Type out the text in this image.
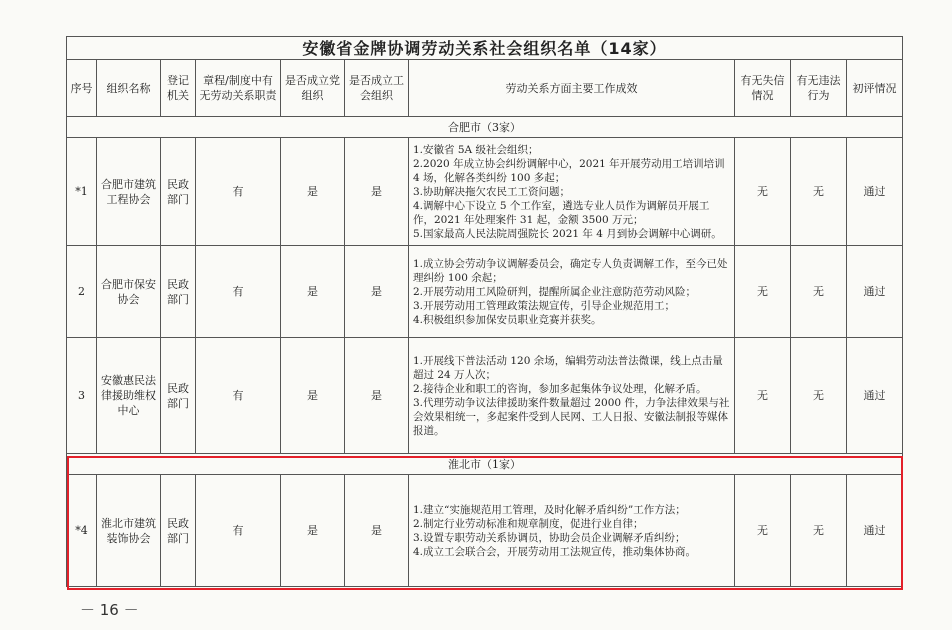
安徽省金牌协调劳动关系社会组织名单（14家）									
序号	组织名称	登记机关	章程/制度中有无劳动关系职责	是否成立党组织	是否成立工会组织	劳动关系方面主要工作成效	有无失信情况	有无违法行为	初评情况
合肥市（3家）									
*1	合肥市建筑工程协会	民政部门	有	是	是	1.安徽省 5A 级社会组织；
2.2020 年成立协会纠纷调解中心，2021 年开展劳动用工培训培训4 场，化解各类纠纷 100 多起；
3.协助解决拖欠农民工工资问题；
4.调解中心下设立 5 个工作室，遴选专业人员作为调解员开展工作，2021 年处理案件 31 起，金额 3500 万元；
5.国家最高人民法院周强院长 2021 年 4 月到协会调解中心调研。	无	无	通过
2	合肥市保安协会	民政部门	有	是	是	1.成立协会劳动争议调解委员会，确定专人负责调解工作，至今已处理纠纷 100 余起；
2.开展劳动用工风险研判，提醒所属企业注意防范劳动风险；
3.开展劳动用工管理政策法规宣传，引导企业规范用工；
4.积极组织参加保安员职业竞赛并获奖。	无	无	通过
3	安徽惠民法律援助维权中心	民政部门	有	是	是	1.开展线下普法活动 120 余场，编辑劳动法普法微课，线上点击量超过 24 万人次；
2.接待企业和职工的咨询，参加多起集体争议处理，化解矛盾。
3.代理劳动争议法律援助案件数量超过 2000 件，力争法律效果与社会效果相统一，多起案件受到人民网、工人日报、安徽法制报等媒体报道。	无	无	通过
淮北市（1家）									
*4	淮北市建筑装饰协会	民政部门	有	是	是	1.建立“实施规范用工管理，及时化解矛盾纠纷”工作方法；
2.制定行业劳动标准和规章制度，促进行业自律；
3.设置专职劳动关系协调员，协助会员企业调解矛盾纠纷；
4.成立工会联合会，开展劳动用工法规宣传，推动集体协商。	无	无	通过
－ 16 －
